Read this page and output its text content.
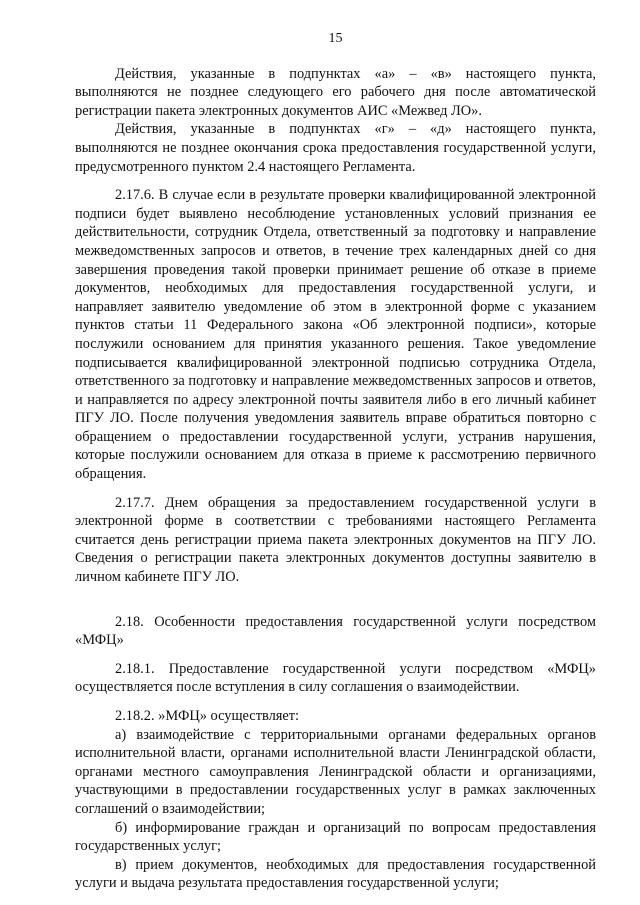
15

Действия, указанные в подпунктах «а» – «в» настоящего пункта, выполняются не позднее следующего его рабочего дня после автоматической регистрации пакета электронных документов АИС «Межвед ЛО».

Действия, указанные в подпунктах «г» – «д» настоящего пункта, выполняются не позднее окончания срока предоставления государственной услуги, предусмотренного пунктом 2.4 настоящего Регламента.

2.17.6. В случае если в результате проверки квалифицированной электронной подписи будет выявлено несоблюдение установленных условий признания ее действительности, сотрудник Отдела, ответственный за подготовку и направление межведомственных запросов и ответов, в течение трех календарных дней со дня завершения проведения такой проверки принимает решение об отказе в приеме документов, необходимых для предоставления государственной услуги, и направляет заявителю уведомление об этом в электронной форме с указанием пунктов статьи 11 Федерального закона «Об электронной подписи», которые послужили основанием для принятия указанного решения. Такое уведомление подписывается квалифицированной электронной подписью сотрудника Отдела, ответственного за подготовку и направление межведомственных запросов и ответов, и направляется по адресу электронной почты заявителя либо в его личный кабинет ПГУ ЛО. После получения уведомления заявитель вправе обратиться повторно с обращением о предоставлении государственной услуги, устранив нарушения, которые послужили основанием для отказа в приеме к рассмотрению первичного обращения.

2.17.7. Днем обращения за предоставлением государственной услуги в электронной форме в соответствии с требованиями настоящего Регламента считается день регистрации приема пакета электронных документов на ПГУ ЛО. Сведения о регистрации пакета электронных документов доступны заявителю в личном кабинете ПГУ ЛО.

2.18. Особенности предоставления государственной услуги посредством «МФЦ»

2.18.1. Предоставление государственной услуги посредством «МФЦ» осуществляется после вступления в силу соглашения о взаимодействии.

2.18.2. »МФЦ» осуществляет:

а) взаимодействие с территориальными органами федеральных органов исполнительной власти, органами исполнительной власти Ленинградской области, органами местного самоуправления Ленинградской области и организациями, участвующими в предоставлении государственных услуг в рамках заключенных соглашений о взаимодействии;

б) информирование граждан и организаций по вопросам предоставления государственных услуг;

в) прием документов, необходимых для предоставления государственной услуги и выдача результата предоставления государственной услуги;
